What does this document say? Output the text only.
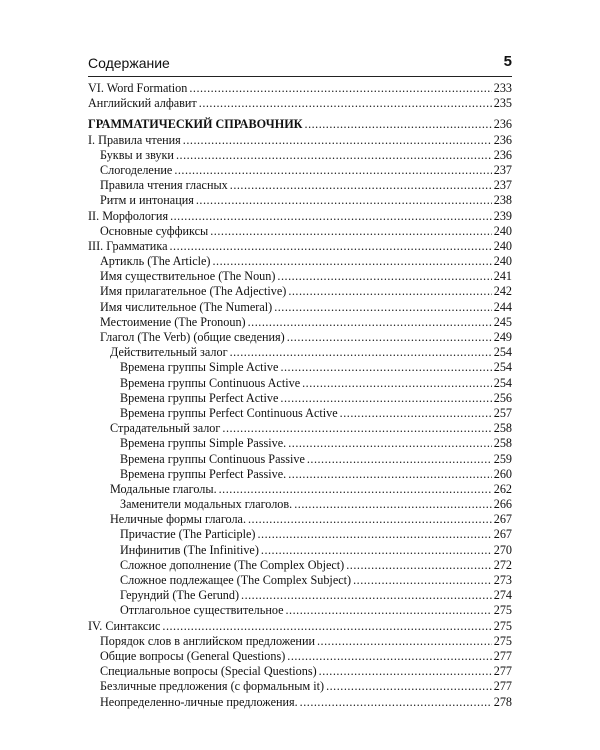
Содержание	5
VI. Word Formation .....	233
Английский алфавит .....	235
ГРАММАТИЧЕСКИЙ СПРАВОЧНИК .....	236
I. Правила чтения .....	236
Буквы и звуки .....	236
Слогоделение .....	237
Правила чтения гласных .....	237
Ритм и интонация .....	238
II. Морфология .....	239
Основные суффиксы .....	240
III. Грамматика .....	240
Артикль (The Article) .....	240
Имя существительное (The Noun) .....	241
Имя прилагательное (The Adjective) .....	242
Имя числительное (The Numeral) .....	244
Местоимение (The Pronoun) .....	245
Глагол (The Verb) (общие сведения) .....	249
Действительный залог .....	254
Времена группы Simple Active .....	254
Времена группы Continuous Active .....	254
Времена группы Perfect Active .....	256
Времена группы Perfect Continuous Active .....	257
Страдательный залог .....	258
Времена группы Simple Passive. .....	258
Времена группы Continuous Passive .....	259
Времена группы Perfect Passive. .....	260
Модальные глаголы. .....	262
Заменители модальных глаголов. .....	266
Неличные формы глагола. .....	267
Причастие (The Participle) .....	267
Инфинитив (The Infinitive) .....	270
Сложное дополнение (The Complex Object) .....	272
Сложное подлежащее (The Complex Subject) .....	273
Герундий (The Gerund) .....	274
Отглагольное существительное .....	275
IV. Синтаксис .....	275
Порядок слов в английском предложении .....	275
Общие вопросы (General Questions) .....	277
Специальные вопросы (Special Questions) .....	277
Безличные предложения (с формальным it) .....	277
Неопределенно-личные предложения. .....	278
